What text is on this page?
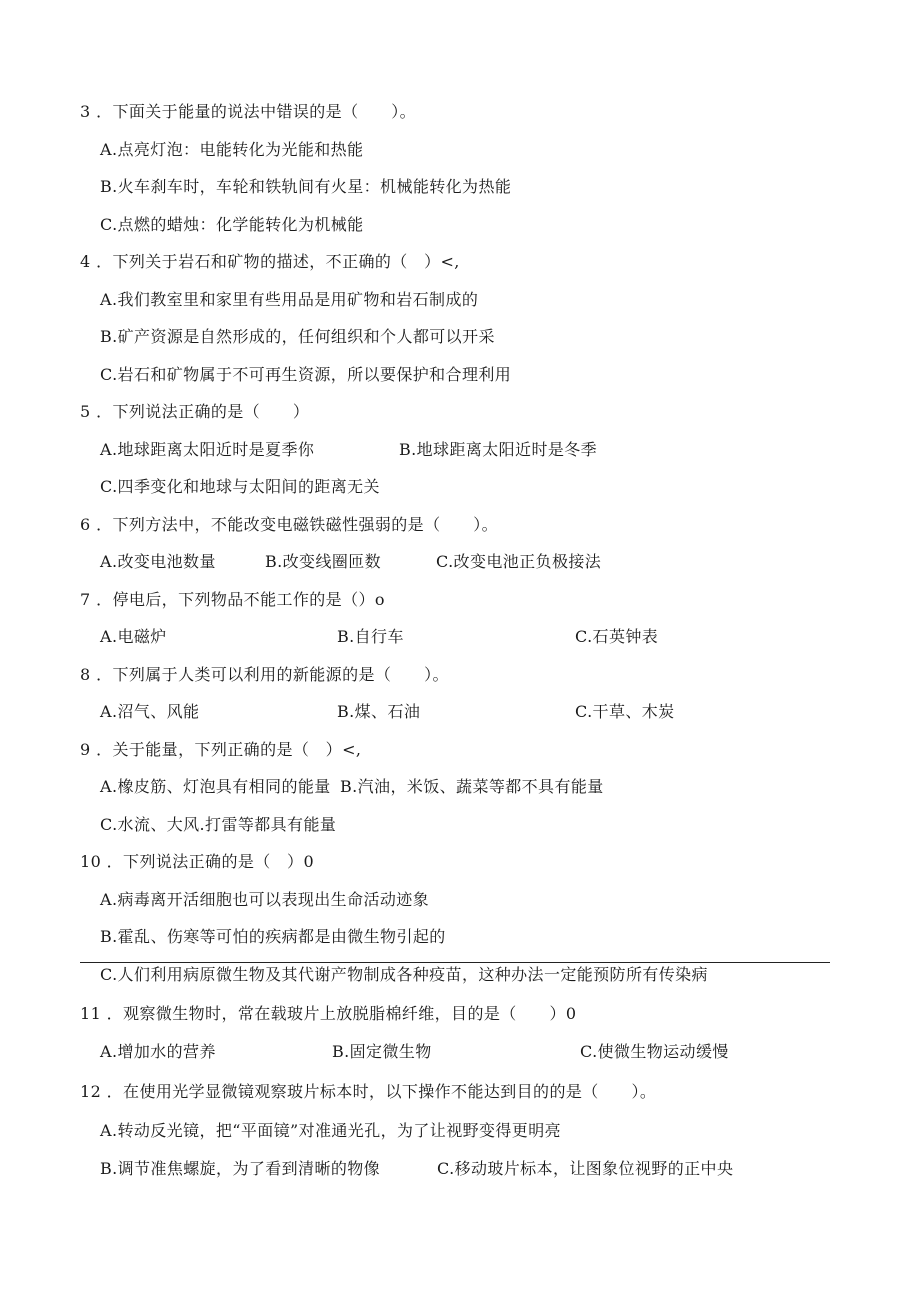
3 ．下面关于能量的说法中错误的是（　　）。
A.点亮灯泡：电能转化为光能和热能
B.火车刹车时，车轮和铁轨间有火星：机械能转化为热能
C.点燃的蜡烛：化学能转化为机械能
4 ．下列关于岩石和矿物的描述，不正确的（　）<,
A.我们教室里和家里有些用品是用矿物和岩石制成的
B.矿产资源是自然形成的，任何组织和个人都可以开采
C.岩石和矿物属于不可再生资源，所以要保护和合理利用
5 ．下列说法正确的是（　　）
A.地球距离太阳近时是夏季你	B.地球距离太阳近时是冬季
C.四季变化和地球与太阳间的距离无关
6 ．下列方法中，不能改变电磁铁磁性强弱的是（　　）。
A.改变电池数量	B.改变线圈匝数	C.改变电池正负极接法
7 ．停电后，下列物品不能工作的是（）o
A.电磁炉	B.自行车	C.石英钟表
8 ．下列属于人类可以利用的新能源的是（　　）。
A.沼气、风能	B.煤、石油	C.干草、木炭
9 ．关于能量，下列正确的是（　）<,
A.橡皮筋、灯泡具有相同的能量 B.汽油，米饭、蔬菜等都不具有能量
C.水流、大风.打雷等都具有能量
10 ．下列说法正确的是（　）0
A.病毒离开活细胞也可以表现出生命活动迹象
B.霍乱、伤寒等可怕的疾病都是由微生物引起的
C.人们利用病原微生物及其代谢产物制成各种疫苗，这种办法一定能预防所有传染病
11 ．观察微生物时，常在载玻片上放脱脂棉纤维，目的是（　　）0
A.增加水的营养	B.固定微生物	C.使微生物运动缓慢
12 ．在使用光学显微镜观察玻片标本时，以下操作不能达到目的的是（　　）。
A.转动反光镜，把“平面镜”对准通光孔，为了让视野变得更明亮
B.调节准焦螺旋，为了看到清晰的物像	C.移动玻片标本，让图象位视野的正中央
